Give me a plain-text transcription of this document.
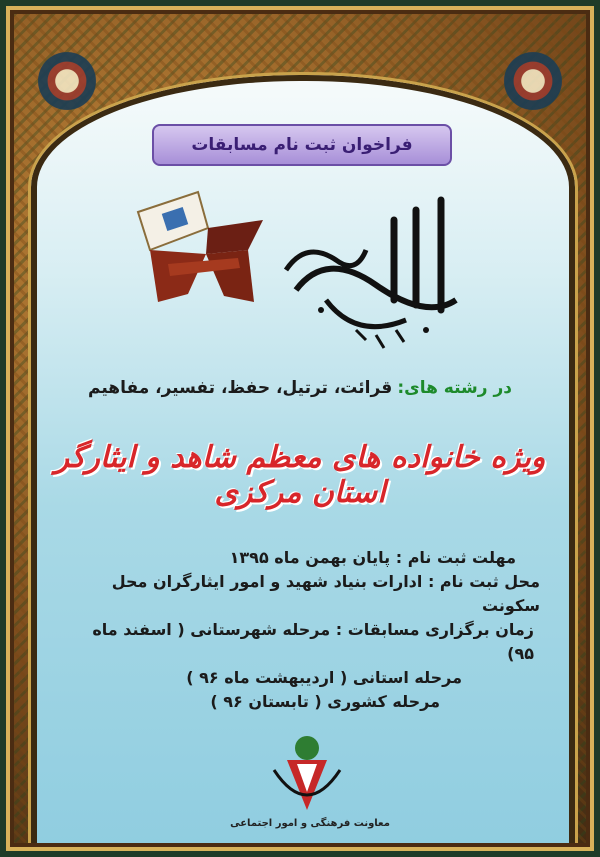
فراخوان ثبت نام مسابقات
در رشته های: قرائت، ترتیل، حفظ، تفسیر، مفاهیم
ویژه خانواده های معظم شاهد و ایثارگر استان مرکزی
مهلت ثبت نام : پایان بهمن ماه ۱۳۹۵
محل ثبت نام : ادارات بنیاد شهید و امور ایثارگران محل سکونت
زمان برگزاری مسابقات : مرحله شهرستانی ( اسفند ماه ۹۵)
مرحله استانی ( اردیبهشت ماه ۹۶ )
مرحله کشوری ( تابستان ۹۶ )
معاونت فرهنگی و امور اجتماعی
